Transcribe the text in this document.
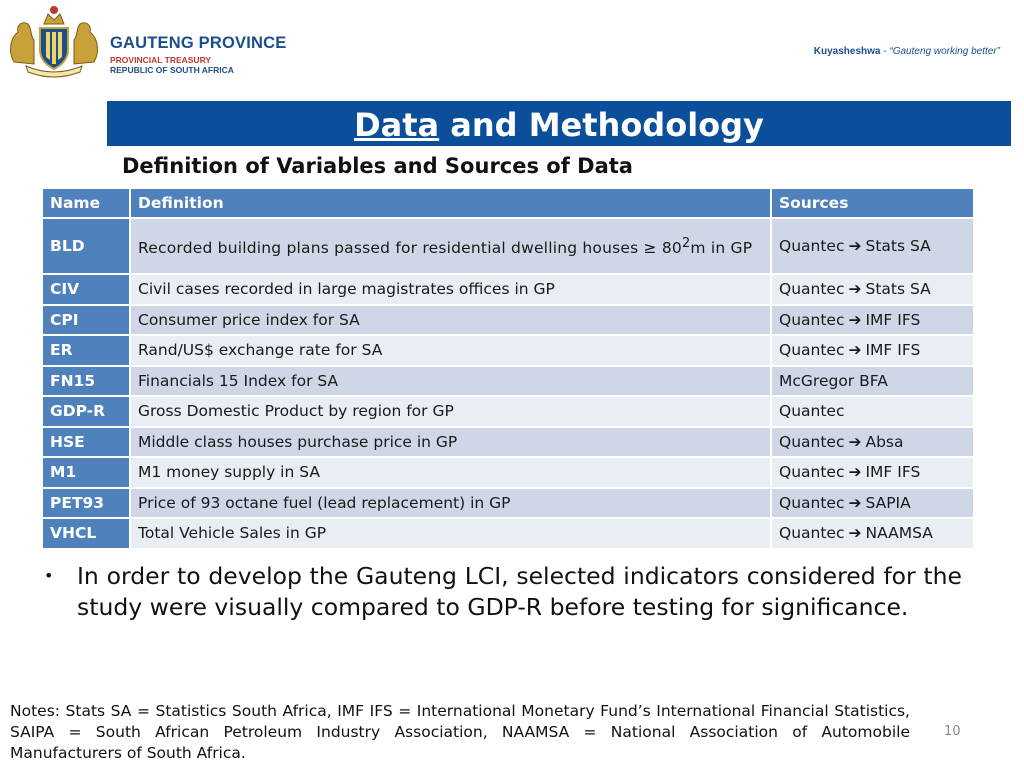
GAUTENG PROVINCE
PROVINCIAL TREASURY
REPUBLIC OF SOUTH AFRICA
Kuyasheshwa - “Gauteng working better”
Data and Methodology
Definition of Variables and Sources of Data
Name	Definition	Sources
BLD	Recorded building plans passed for residential dwelling houses ≥ $80^2m$ in GP	Quantec ➔ Stats SA
CIV	Civil cases recorded in large magistrates offices in GP	Quantec ➔ Stats SA
CPI	Consumer price index for SA	Quantec ➔ IMF IFS
ER	Rand/US$ exchange rate for SA	Quantec ➔ IMF IFS
FN15	Financials 15 Index for SA	McGregor BFA
GDP-R	Gross Domestic Product by region for GP	Quantec
HSE	Middle class houses purchase price in GP	Quantec ➔ Absa
M1	M1 money supply in SA	Quantec ➔ IMF IFS
PET93	Price of 93 octane fuel (lead replacement) in GP	Quantec ➔ SAPIA
VHCL	Total Vehicle Sales in GP	Quantec ➔ NAAMSA
• In order to develop the Gauteng LCI, selected indicators considered for the study were visually compared to GDP-R before testing for significance.
Notes: Stats SA = Statistics South Africa, IMF IFS = International Monetary Fund’s International Financial Statistics, SAIPA = South African Petroleum Industry Association, NAAMSA = National Association of Automobile Manufacturers of South Africa.
10
